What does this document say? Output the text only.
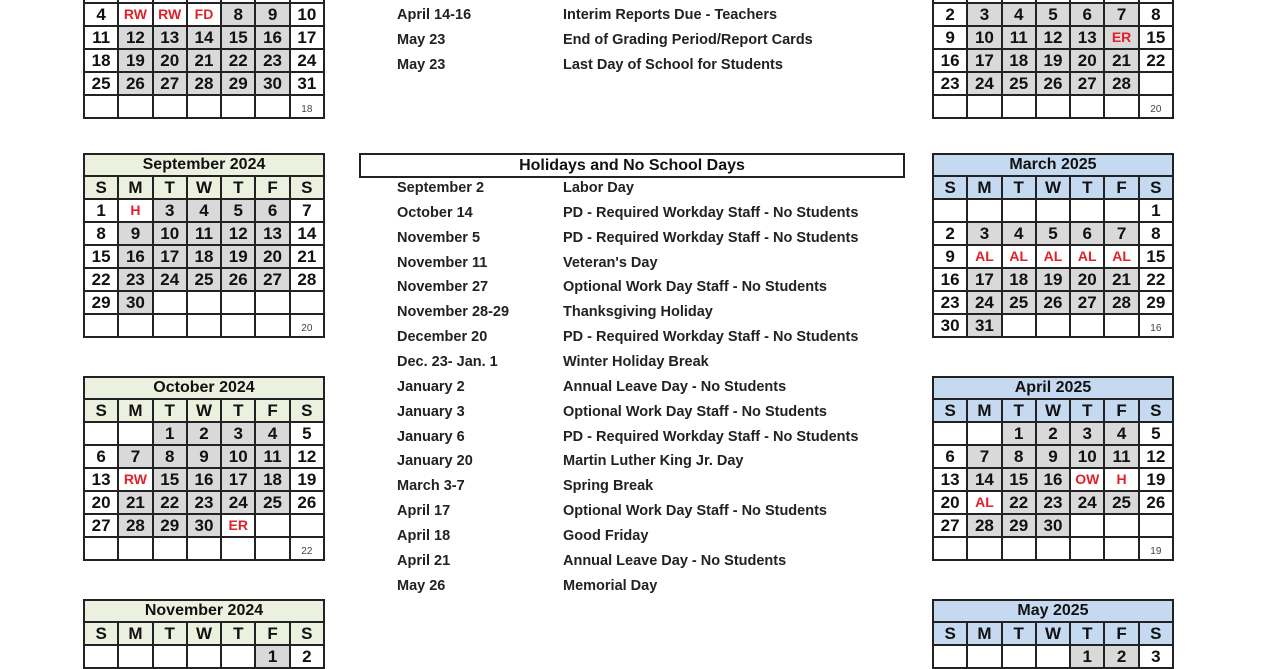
4	RW	RW	FD	8	9	10
11	12	13	14	15	16	17
18	19	20	21	22	23	24
25	26	27	28	29	30	31
						18
September 2024						
S	M	T	W	T	F	S
1	H	3	4	5	6	7
8	9	10	11	12	13	14
15	16	17	18	19	20	21
22	23	24	25	26	27	28
29	30					
						20
October 2024						
S	M	T	W	T	F	S
		1	2	3	4	5
6	7	8	9	10	11	12
13	RW	15	16	17	18	19
20	21	22	23	24	25	26
27	28	29	30	ER		
						22
November 2024						
S	M	T	W	T	F	S
					1	2

2	3	4	5	6	7	8
9	10	11	12	13	ER	15
16	17	18	19	20	21	22
23	24	25	26	27	28	
						20
March 2025						
S	M	T	W	T	F	S
						1
2	3	4	5	6	7	8
9	AL	AL	AL	AL	AL	15
16	17	18	19	20	21	22
23	24	25	26	27	28	29
30	31					16
April 2025						
S	M	T	W	T	F	S
		1	2	3	4	5
6	7	8	9	10	11	12
13	14	15	16	OW	H	19
20	AL	22	23	24	25	26
27	28	29	30			
						19
May 2025						
S	M	T	W	T	F	S
				1	2	3
April 14-16	Interim Reports Due - Teachers
May 23	End of Grading Period/Report Cards
May 23	Last Day of School for Students
September 2	Labor Day
October 14	PD - Required Workday Staff - No Students
November 5	PD - Required Workday Staff - No Students
November 11	Veteran's Day
November 27	Optional Work Day Staff - No Students
November 28-29	Thanksgiving Holiday
December 20	PD - Required Workday Staff - No Students
Dec. 23- Jan. 1	Winter Holiday Break
January 2	Annual Leave Day - No Students
January 3	Optional Work Day Staff - No Students
January 6	PD - Required Workday Staff - No Students
January 20	Martin Luther King Jr. Day
March 3-7	Spring Break
April 17	Optional Work Day Staff - No Students
April 18	Good Friday
April 21	Annual Leave Day - No Students
May 26	Memorial Day
Holidays and No School Days
